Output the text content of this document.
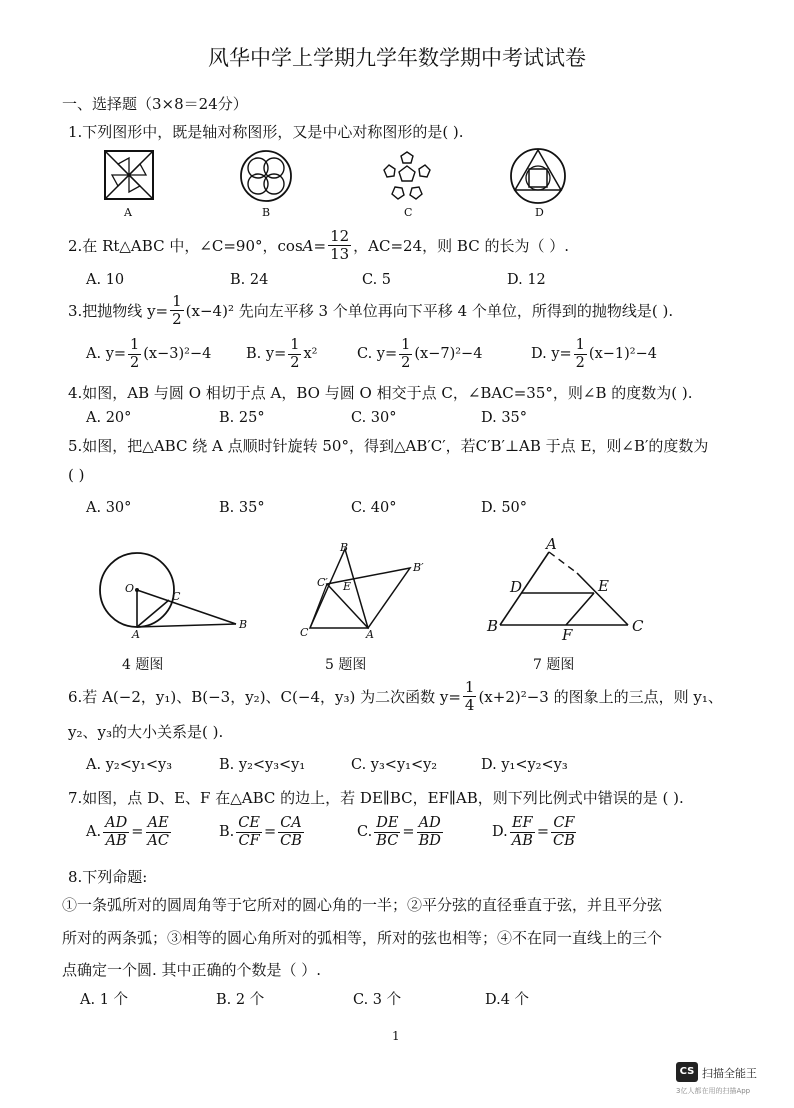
风华中学上学期九学年数学期中考试试卷
一、选择题（3×8＝24分）
1.下列图形中，既是轴对称图形，又是中心对称图形的是( ).
A	B	C	D
2.在 Rt△ABC 中，∠C=90°，$\cos A = \frac{12}{13}$ ，AC=24，则 BC 的长为（ ）.
A. 10	B. 24	C. 5	D. 12
3.把抛物线 $y= \frac{1}{2} (x-4)^2$ 先向左平移 3 个单位再向下平移 4 个单位，所得到的抛物线是( ).
A. $y= \frac{1}{2} (x-3)^2-4$ B. $y= \frac{1}{2} x^2$	C. $y= \frac{1}{2} (x-7)^2-4$	D. $y= \frac{1}{2} (x-1)^2-4$
4.如图，AB 与圆 O 相切于点 A，BO 与圆 O 相交于点 C，∠BAC=35°，则∠B 的度数为( ).
A. 20°	B. 25°	C. 30°	D. 35°
5.如图，把△ABC 绕 A 点顺时针旋转 50°，得到△AB′C′，若C′B′⊥AB 于点 E，则∠B′的度数为
( )
A. 30°	B. 35°	C. 40°	D. 50°
O
C
A
B
B
B′
C′ E
C	A
A
D	E
B	F	C
4 题图	5 题图	7 题图
6.若 A(−2，y₁)、B(−3，y₂)、C(−4，y₃) 为二次函数 $y= \frac{1}{4} (x+2)^2-3$ 的图象上的三点，则 y₁、
y₂、y₃的大小关系是( ).
A. y₂<y₁<y₃	B. y₂<y₃<y₁	C. y₃<y₁<y₂	D. y₁<y₂<y₃
7.如图，点 D、E、F 在△ABC 的边上，若 DE∥BC，EF∥AB，则下列比例式中错误的是 ( ).
A. $\frac{AD}{AB} = \frac{AE}{AC}$	B. $\frac{CE}{CF} = \frac{CA}{CB}$	C. $\frac{DE}{BC} = \frac{AD}{BD}$	D. $\frac{EF}{AB} = \frac{CF}{CB}$
8.下列命题:
①一条弧所对的圆周角等于它所对的圆心角的一半；②平分弦的直径垂直于弦，并且平分弦
所对的两条弧；③相等的圆心角所对的弧相等，所对的弦也相等；④不在同一直线上的三个
点确定一个圆. 其中正确的个数是（ ）.
A. 1 个	B. 2 个	C. 3 个	D.4 个
1
CS 扫描全能王
3亿人都在用的扫描App
